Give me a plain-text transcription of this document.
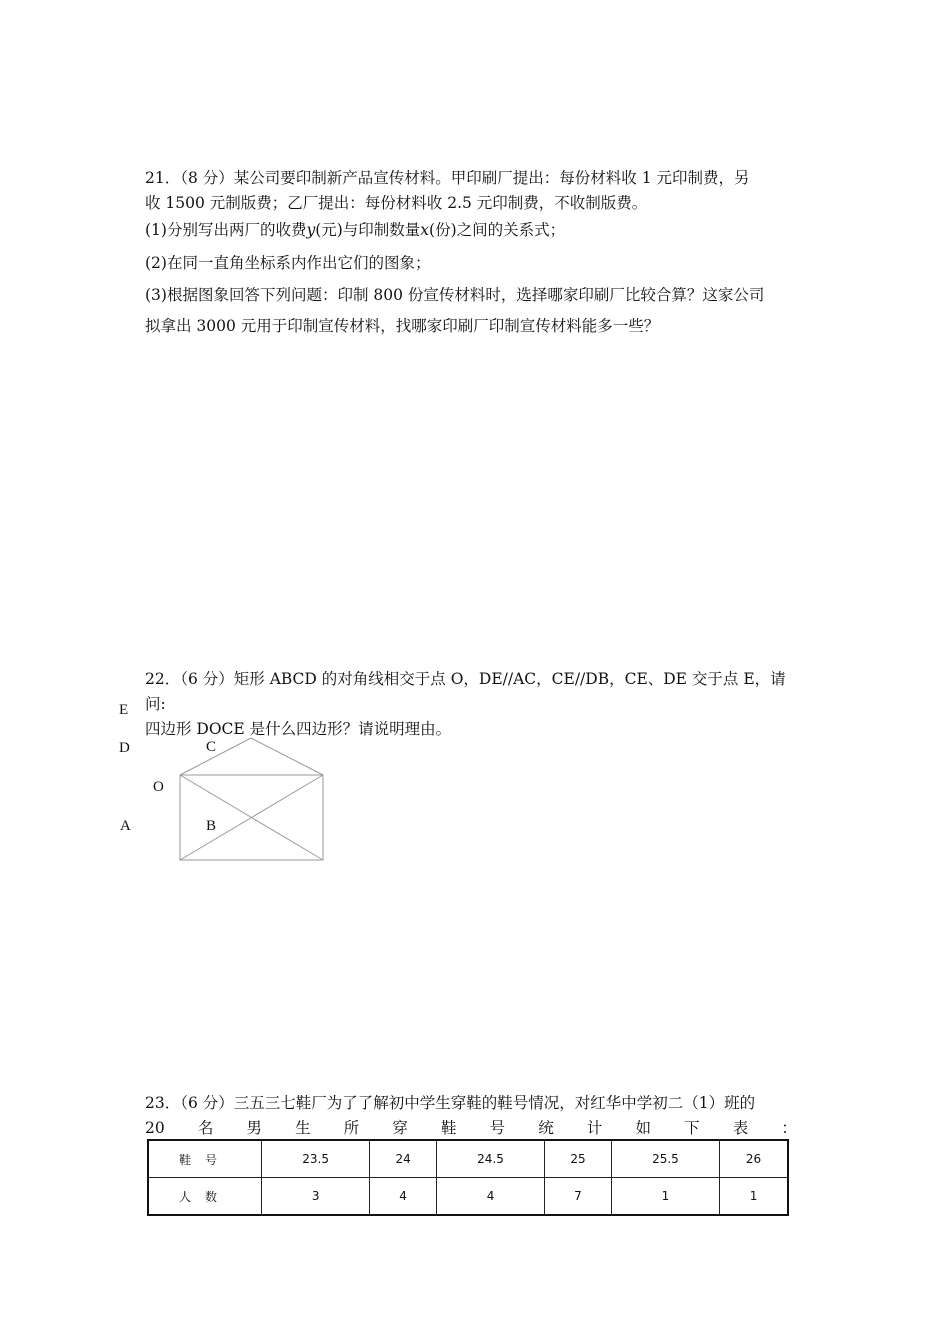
21．（8 分）某公司要印制新产品宣传材料。甲印刷厂提出：每份材料收 1 元印制费，另
收 1500 元制版费；乙厂提出：每份材料收 2.5 元印制费，不收制版费。
(1)分别写出两厂的收费𝑦(元)与印制数量𝑥(份)之间的关系式；
(2)在同一直角坐标系内作出它们的图象；
(3)根据图象回答下列问题：印制 800 份宣传材料时，选择哪家印刷厂比较合算？这家公司
拟拿出 3000 元用于印制宣传材料，找哪家印刷厂印制宣传材料能多一些？
22．（6 分）矩形 ABCD 的对角线相交于点 O，DE//AC，CE//DB，CE、DE 交于点 E，请
问:
四边形 DOCE 是什么四边形？请说明理由。
E
D	C
O
A	B
23．（6 分）三五三七鞋厂为了了解初中学生穿鞋的鞋号情况，对红华中学初二（1）班的
20 名 男 生 所 穿 鞋 号 统 计 如 下 表 ：
鞋号	23.5	24	24.5	25	25.5	26
人数	3	4	4	7	1	1
